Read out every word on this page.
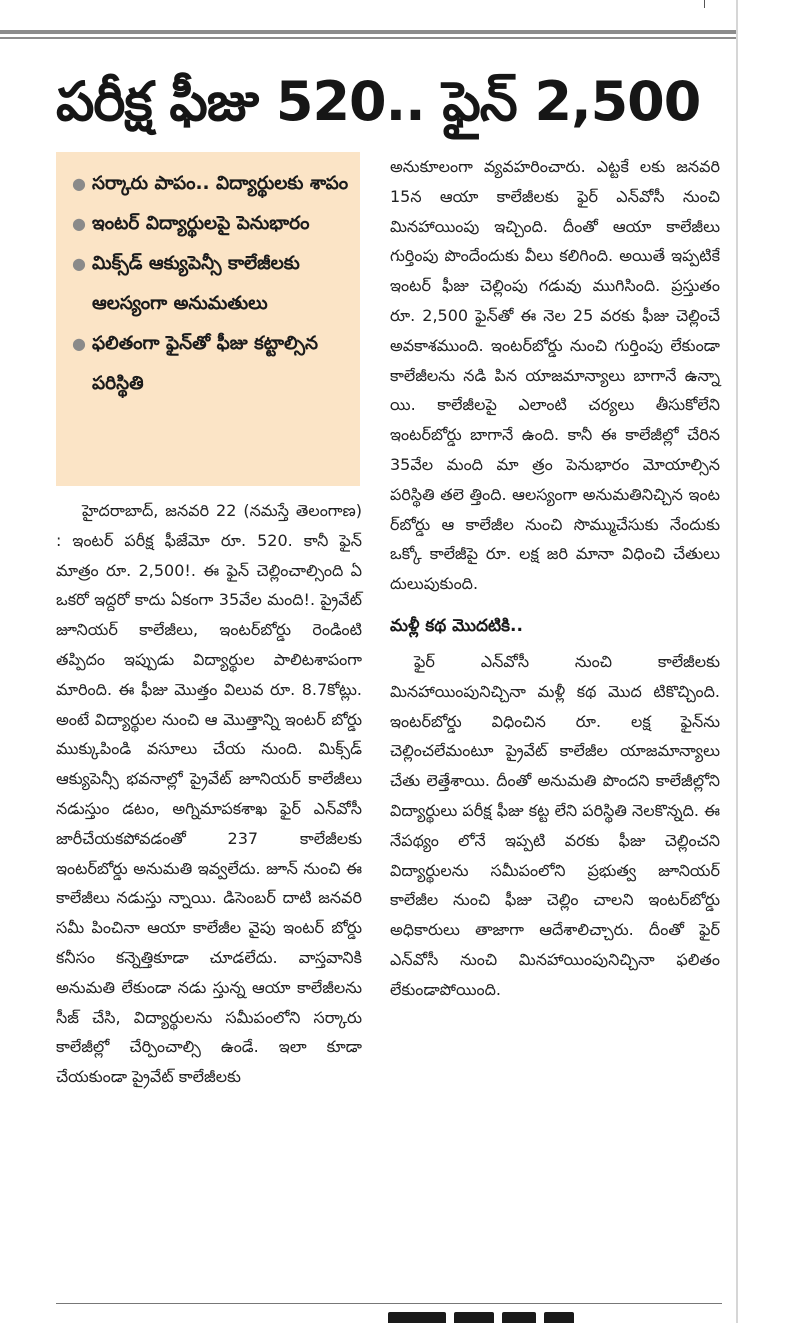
పరీక్ష ఫీజు 520.. ఫైన్ 2,500
● సర్కారు పాపం.. విద్యార్థులకు శాపం
● ఇంటర్ విద్యార్థులపై పెనుభారం
● మిక్స్‌డ్ ఆక్యుపెన్సీ కాలేజీలకు ఆలస్యంగా అనుమతులు
● ఫలితంగా ఫైన్‌తో ఫీజు కట్టాల్సిన పరిస్థితి
హైదరాబాద్, జనవరి 22 (నమస్తే తెలంగాణ) : ఇంటర్ పరీక్ష ఫీజేమో రూ. 520. కానీ ఫైన్ మాత్రం రూ. 2,500!. ఈ ఫైన్ చెల్లించాల్సింది ఏ ఒకరో ఇద్దరో కాదు ఏకంగా 35వేల మంది!. ప్రైవేట్ జూనియర్ కాలేజీలు, ఇంటర్‌బోర్డు రెండింటి తప్పిదం ఇప్పుడు విద్యార్థుల పాలిటశాపంగా మారింది. ఈ ఫీజు మొత్తం విలువ రూ. 8.7కోట్లు. అంటే విద్యార్థుల నుంచి ఆ మొత్తాన్ని ఇంటర్ బోర్డు ముక్కుపిండి వసూలు చేయ నుంది. మిక్స్‌డ్ ఆక్యుపెన్సీ భవనాల్లో ప్రైవేట్ జూనియర్ కాలేజీలు నడుస్తుం డటం, అగ్నిమాపకశాఖ ఫైర్ ఎన్‌వోసీ జారీచేయకపోవడంతో 237 కాలేజీలకు ఇంటర్‌బోర్డు అనుమతి ఇవ్వలేదు. జూన్ నుంచి ఈ కాలేజీలు నడుస్తు న్నాయి. డిసెంబర్ దాటి జనవరి సమీ పించినా ఆయా కాలేజీల వైపు ఇంటర్ బోర్డు కనీసం కన్నెత్తికూడా చూడలేదు. వాస్తవానికి అనుమతి లేకుండా నడు స్తున్న ఆయా కాలేజీలను సీజ్ చేసి, విద్యార్థులను సమీపంలోని సర్కారు కాలేజీల్లో చేర్పించాల్సి ఉండే. ఇలా కూడా చేయకుండా ప్రైవేట్ కాలేజీలకు

అనుకూలంగా వ్యవహరించారు. ఎట్టకే లకు జనవరి 15న ఆయా కాలేజీలకు ఫైర్ ఎన్‌వోసీ నుంచి మినహాయింపు ఇచ్చింది. దీంతో ఆయా కాలేజీలు గుర్తింపు పొందేందుకు వీలు కలిగింది. అయితే ఇప్పటికే ఇంటర్ ఫీజు చెల్లింపు గడువు ముగిసింది. ప్రస్తుతం రూ. 2,500 ఫైన్‌తో ఈ నెల 25 వరకు ఫీజు చెల్లించే అవకాశముంది. ఇంటర్‌బోర్డు నుంచి గుర్తింపు లేకుండా కాలేజీలను నడి పిన యాజమాన్యాలు బాగానే ఉన్నా యి. కాలేజీలపై ఎలాంటి చర్యలు తీసుకోలేని ఇంటర్‌బోర్డు బాగానే ఉంది. కానీ ఈ కాలేజీల్లో చేరిన 35వేల మంది మా త్రం పెనుభారం మోయాల్సిన పరిస్థితి తలె త్తింది. ఆలస్యంగా అనుమతినిచ్చిన ఇంట ర్‌బోర్డు ఆ కాలేజీల నుంచి సొమ్ముచేసుకు నేందుకు ఒక్కో కాలేజీపై రూ. లక్ష జరి మానా విధించి చేతులు దులుపుకుంది.

మళ్లీ కథ మొదటికి..

ఫైర్ ఎన్‌వోసీ నుంచి కాలేజీలకు మినహాయింపునిచ్చినా మళ్లీ కథ మొద టికొచ్చింది. ఇంటర్‌బోర్డు విధించిన రూ. లక్ష ఫైన్‌ను చెల్లించలేమంటూ ప్రైవేట్ కాలేజీల యాజమాన్యాలు చేతు లెత్తేశాయి. దీంతో అనుమతి పొందని కాలేజీల్లోని విద్యార్థులు పరీక్ష ఫీజు కట్ట లేని పరిస్థితి నెలకొన్నది. ఈ నేపథ్యం లోనే ఇప్పటి వరకు ఫీజు చెల్లించని విద్యార్థులను సమీపంలోని ప్రభుత్వ జూనియర్ కాలేజీల నుంచి ఫీజు చెల్లిం చాలని ఇంటర్‌బోర్డు అధికారులు తాజాగా ఆదేశాలిచ్చారు. దీంతో ఫైర్ ఎన్‌వోసీ నుంచి మినహాయింపునిచ్చినా ఫలితం లేకుండాపోయింది.
